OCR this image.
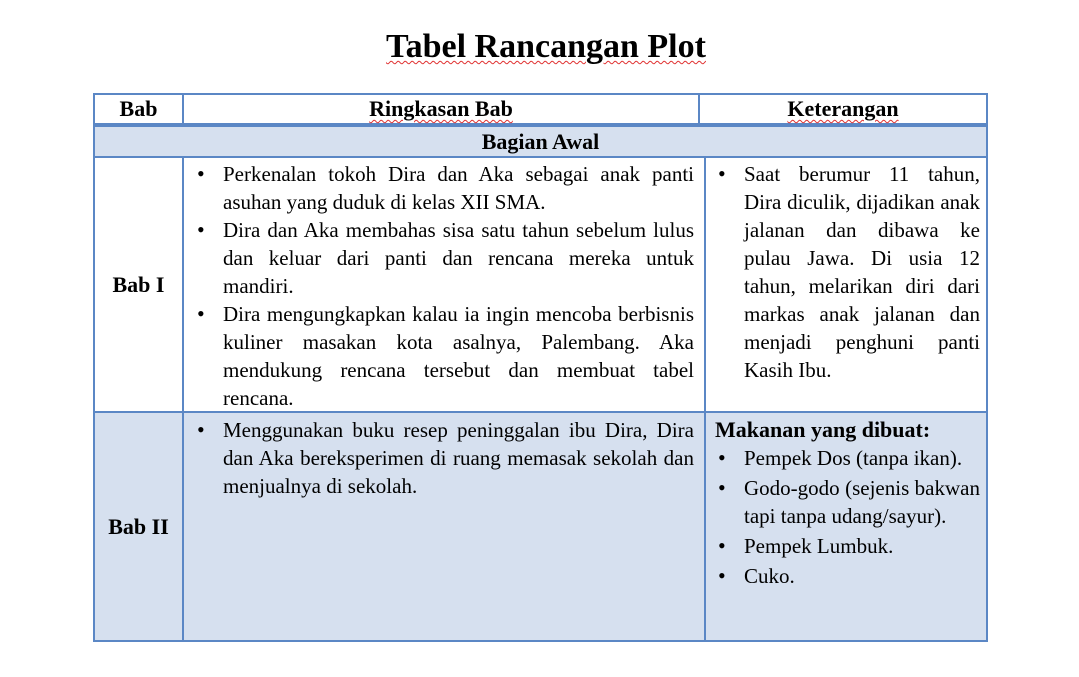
Tabel Rancangan Plot
Bab	Ringkasan Bab	Keterangan
Bagian Awal
Bab I
• Perkenalan tokoh Dira dan Aka sebagai anak panti asuhan yang duduk di kelas XII SMA.
• Dira dan Aka membahas sisa satu tahun sebelum lulus dan keluar dari panti dan rencana mereka untuk mandiri.
• Dira mengungkapkan kalau ia ingin mencoba berbisnis kuliner masakan kota asalnya, Palembang. Aka mendukung rencana tersebut dan membuat tabel rencana.
• Saat berumur 11 tahun, Dira diculik, dijadikan anak jalanan dan dibawa ke pulau Jawa. Di usia 12 tahun, melarikan diri dari markas anak jalanan dan menjadi penghuni panti Kasih Ibu.
Bab II
• Menggunakan buku resep peninggalan ibu Dira, Dira dan Aka bereksperimen di ruang memasak sekolah dan menjualnya di sekolah.
Makanan yang dibuat:
• Pempek Dos (tanpa ikan).
• Godo-godo (sejenis bakwan tapi tanpa udang/sayur).
• Pempek Lumbuk.
• Cuko.
